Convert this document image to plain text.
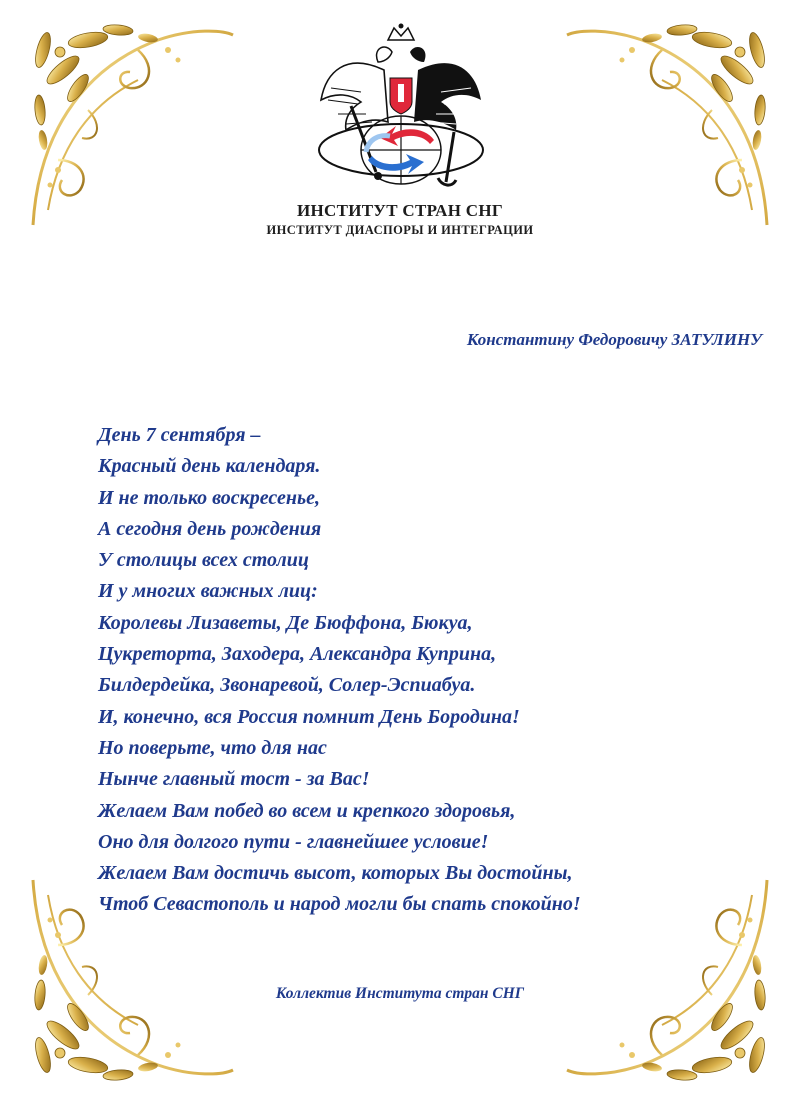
ИНСТИТУТ СТРАН СНГ
ИНСТИТУТ ДИАСПОРЫ И ИНТЕГРАЦИИ

Константину Федоровичу ЗАТУЛИНУ

День 7 сентября –
Красный день календаря.
И не только воскресенье,
А сегодня день рождения
У столицы всех столиц
И у многих важных лиц:
Королевы Лизаветы, Де Бюффона, Бюкуа,
Цукреторта, Заходера, Александра Куприна,
Билдердейка, Звонаревой, Солер-Эспиабуа.
И, конечно, вся Россия помнит День Бородина!
Но поверьте, что для нас
Нынче главный тост - за Вас!
Желаем Вам побед во всем и крепкого здоровья,
Оно для долгого пути - главнейшее условие!
Желаем Вам достичь высот, которых Вы достойны,
Чтоб Севастополь и народ могли бы спать спокойно!

Коллектив Института стран СНГ
